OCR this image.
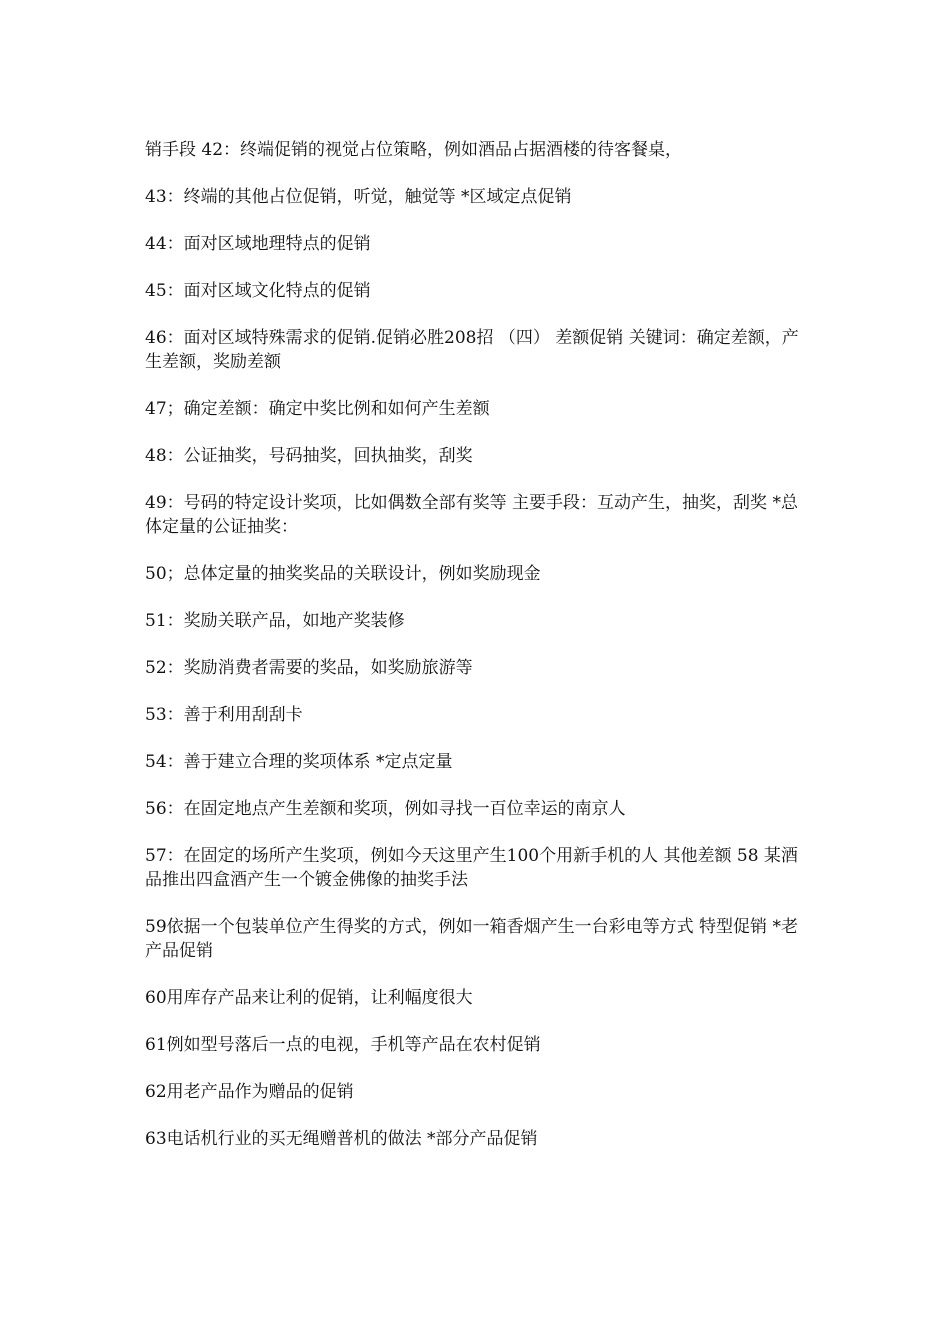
销手段 42：终端促销的视觉占位策略，例如酒品占据酒楼的待客餐桌，

43：终端的其他占位促销，听觉，触觉等 *区域定点促销

44：面对区域地理特点的促销

45：面对区域文化特点的促销

46：面对区域特殊需求的促销.促销必胜208招 （四） 差额促销 关键词：确定差额，产生差额，奖励差额

47；确定差额：确定中奖比例和如何产生差额

48：公证抽奖，号码抽奖，回执抽奖，刮奖

49：号码的特定设计奖项，比如偶数全部有奖等 主要手段：互动产生，抽奖，刮奖 *总体定量的公证抽奖：

50；总体定量的抽奖奖品的关联设计，例如奖励现金

51：奖励关联产品，如地产奖装修

52：奖励消费者需要的奖品，如奖励旅游等

53：善于利用刮刮卡

54：善于建立合理的奖项体系 *定点定量

56：在固定地点产生差额和奖项，例如寻找一百位幸运的南京人

57：在固定的场所产生奖项，例如今天这里产生100个用新手机的人 其他差额 58 某酒品推出四盒酒产生一个镀金佛像的抽奖手法

59依据一个包装单位产生得奖的方式，例如一箱香烟产生一台彩电等方式 特型促销 *老产品促销

60用库存产品来让利的促销，让利幅度很大

61例如型号落后一点的电视，手机等产品在农村促销

62用老产品作为赠品的促销

63电话机行业的买无绳赠普机的做法 *部分产品促销
